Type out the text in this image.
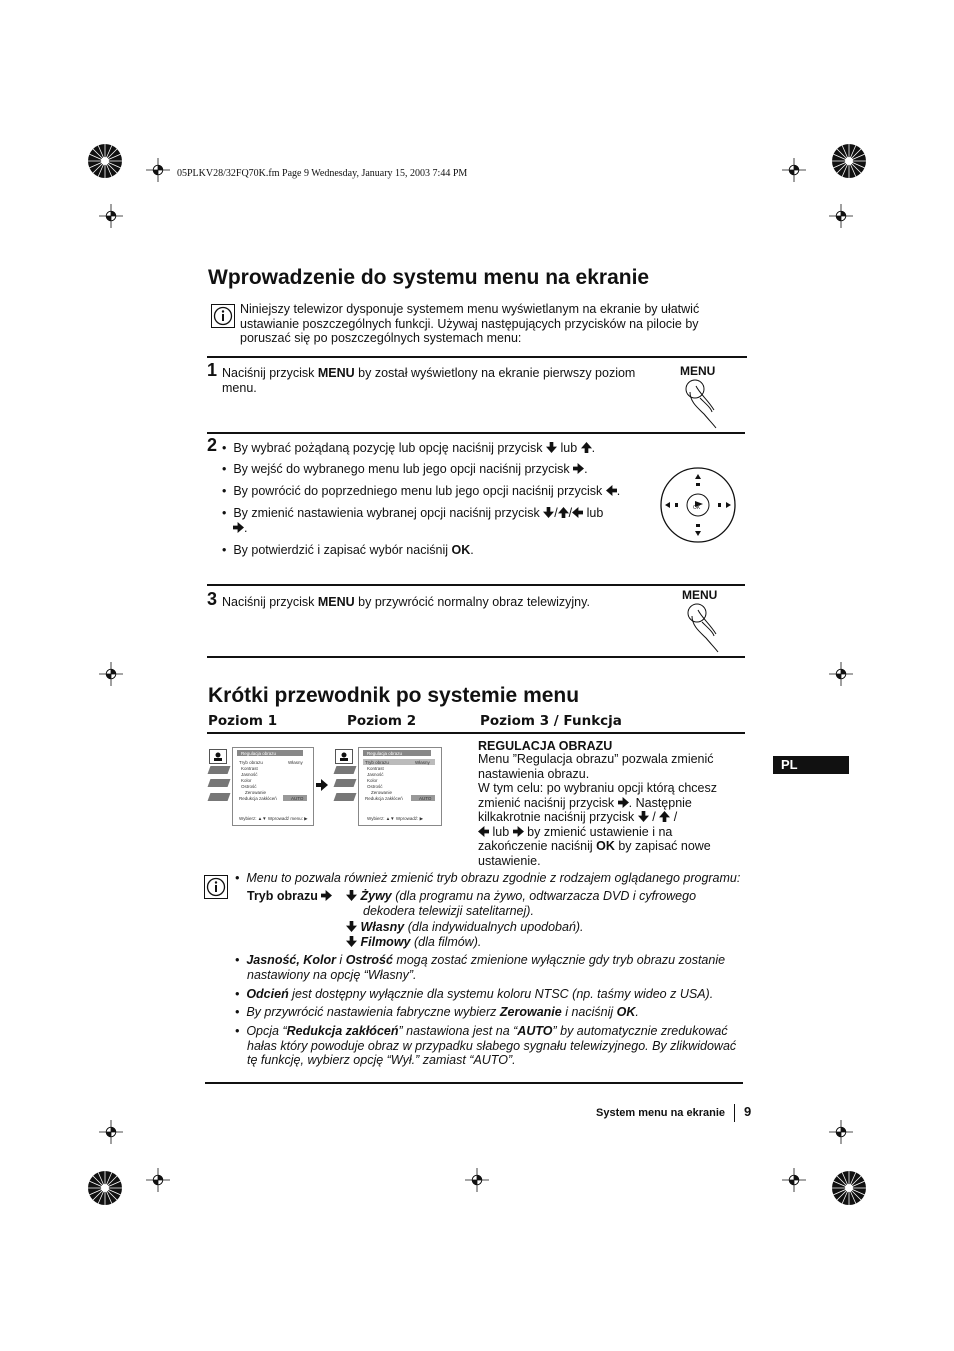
05PLKV28/32FQ70K.fm Page 9 Wednesday, January 15, 2003 7:44 PM
Wprowadzenie do systemu menu na ekranie
Niniejszy telewizor dysponuje systemem menu wyświetlanym na ekranie by ułatwić ustawianie poszczególnych funkcji. Używaj następujących przycisków na pilocie by poruszać się po poszczególnych systemach menu:
1 Naciśnij przycisk MENU by został wyświetlony na ekranie pierwszy poziom
menu.
MENU
2 •  By wybrać pożądaną pozycję lub opcję naciśnij przycisk lub .
•  By wejść do wybranego menu lub jego opcji naciśnij przycisk .
•  By powrócić do poprzedniego menu lub jego opcji naciśnij przycisk .
•  By zmienić nastawienia wybranej opcji naciśnij przycisk / / lub
.
•  By potwierdzić i zapisać wybór naciśnij OK.
OK
3 Naciśnij przycisk MENU by przywrócić normalny obraz telewizyjny.	MENU
Krótki przewodnik po systemie menu
Poziom 1	Poziom 2	Poziom 3 / Funkcja
Regulacja obrazu
Tryb obrazu	Własny
Kontrast
Jasność
Kolor
Ostrość
Zerowanie
Redukcja zakłóceń	AUTO
Wybierz: ▲▼ Wprowadź menu: ▶
Regulacja obrazu
Tryb obrazu	Własny
Kontrast
Jasność
Kolor
Ostrość
Zerowanie
Redukcja zakłóceń	AUTO
Wybierz: ▲▼ Wprowadź: ▶
REGULACJA OBRAZU
Menu ”Regulacja obrazu” pozwala zmienić
nastawienia obrazu.
W tym celu: po wybraniu opcji którą chcesz
zmienić naciśnij przycisk . Następnie
kilkakrotnie naciśnij przycisk / /
lub by zmienić ustawienie i na
zakończenie naciśnij OK by zapisać nowe
ustawienie.
PL
•  Menu to pozwala również zmienić tryb obrazu zgodnie z rodzajem oglądanego programu:
Tryb obrazu	Żywy (dla programu na żywo, odtwarzacza DVD i cyfrowego
dekodera telewizji satelitarnej).
Własny (dla indywidualnych upodobań).
Filmowy (dla filmów).
•  Jasność, Kolor i Ostrość mogą zostać zmienione wyłącznie gdy tryb obrazu zostanie
nastawiony na opcję “Własny”.
•  Odcień jest dostępny wyłącznie dla systemu koloru NTSC (np. taśmy wideo z USA).
•  By przywrócić nastawienia fabryczne wybierz Zerowanie i naciśnij OK.
•  Opcja “Redukcja zakłóceń” nastawiona jest na “AUTO” by automatycznie zredukować
hałas który powoduje obraz w przypadku słabego sygnału telewizyjnego. By zlikwidować
tę funkcję, wybierz opcję “Wył.” zamiast “AUTO”.
System menu na ekranie 9
